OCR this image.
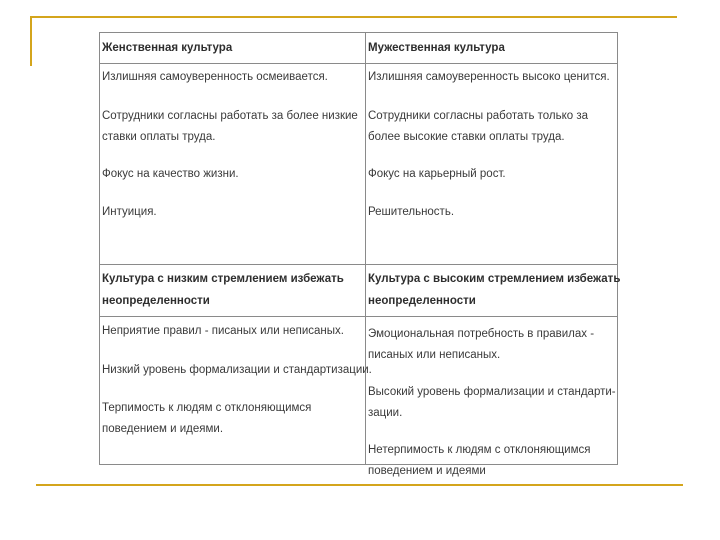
Женственная культура	Мужественная культура
Излишняя самоуверенность осмеивается.
Сотрудники согласны работать за более низкие
ставки оплаты труда.
Фокус на качество жизни.
Интуиция.
Излишняя самоуверенность высоко ценится.
Сотрудники согласны работать только за
более высокие ставки оплаты труда.
Фокус на карьерный рост.
Решительность.
Культура с низким стремлением избежать
неопределенности
Культура с высоким стремлением избежать
неопределенности
Неприятие правил - писаных или неписаных.
Низкий уровень формализации и стандартизации.
Терпимость к людям с отклоняющимся
поведением и идеями.
Эмоциональная потребность в правилах -
писаных или неписаных.
Высокий уровень формализации и стандарти-
зации.
Нетерпимость к людям с отклоняющимся
поведением и идеями
